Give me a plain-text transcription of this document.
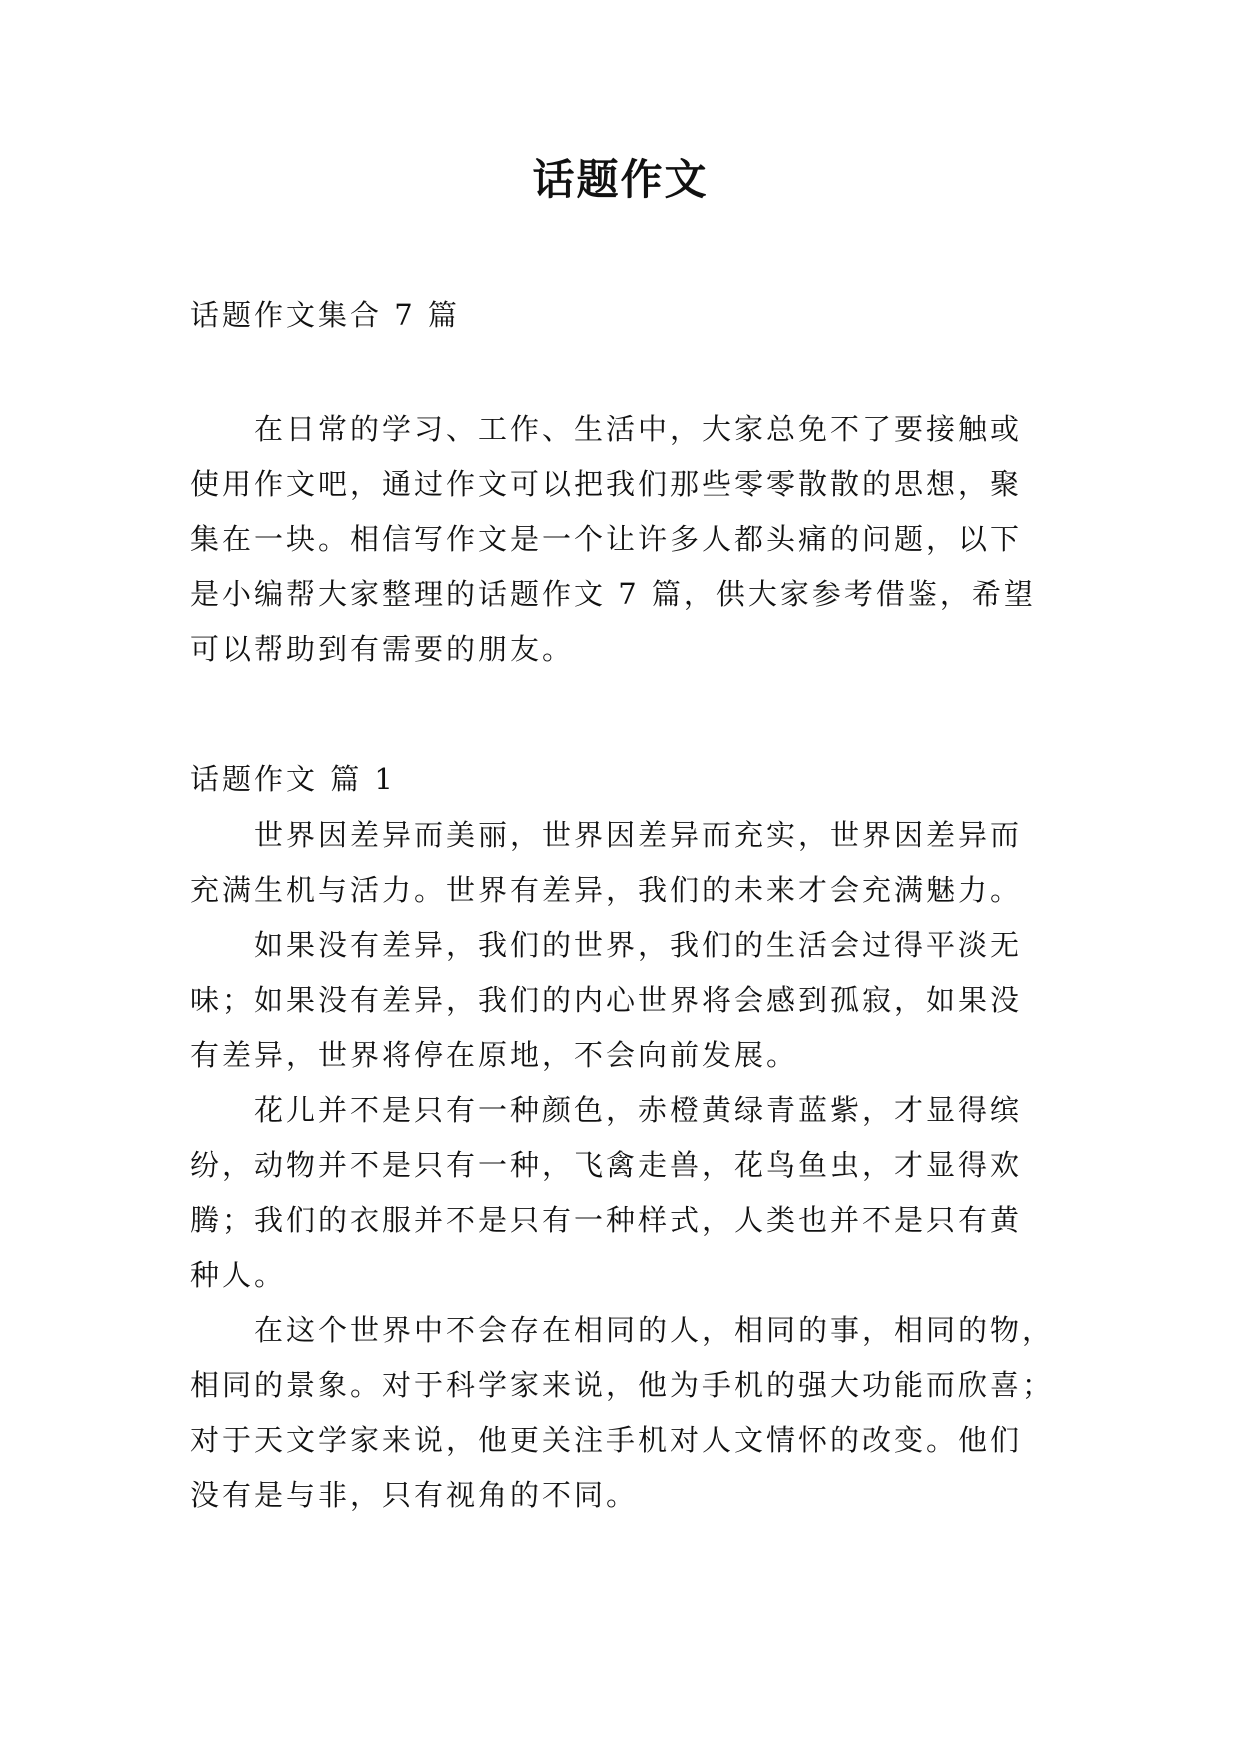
话题作文
话题作文集合 7 篇
在日常的学习、工作、生活中，大家总免不了要接触或
使用作文吧，通过作文可以把我们那些零零散散的思想，聚
集在一块。相信写作文是一个让许多人都头痛的问题，以下
是小编帮大家整理的话题作文 7 篇，供大家参考借鉴，希望
可以帮助到有需要的朋友。
话题作文 篇 1
世界因差异而美丽，世界因差异而充实，世界因差异而
充满生机与活力。世界有差异，我们的未来才会充满魅力。
如果没有差异，我们的世界，我们的生活会过得平淡无
味；如果没有差异，我们的内心世界将会感到孤寂，如果没
有差异，世界将停在原地，不会向前发展。
花儿并不是只有一种颜色，赤橙黄绿青蓝紫，才显得缤
纷，动物并不是只有一种，飞禽走兽，花鸟鱼虫，才显得欢
腾；我们的衣服并不是只有一种样式，人类也并不是只有黄
种人。
在这个世界中不会存在相同的人，相同的事，相同的物，
相同的景象。对于科学家来说，他为手机的强大功能而欣喜；
对于天文学家来说，他更关注手机对人文情怀的改变。他们
没有是与非，只有视角的不同。
